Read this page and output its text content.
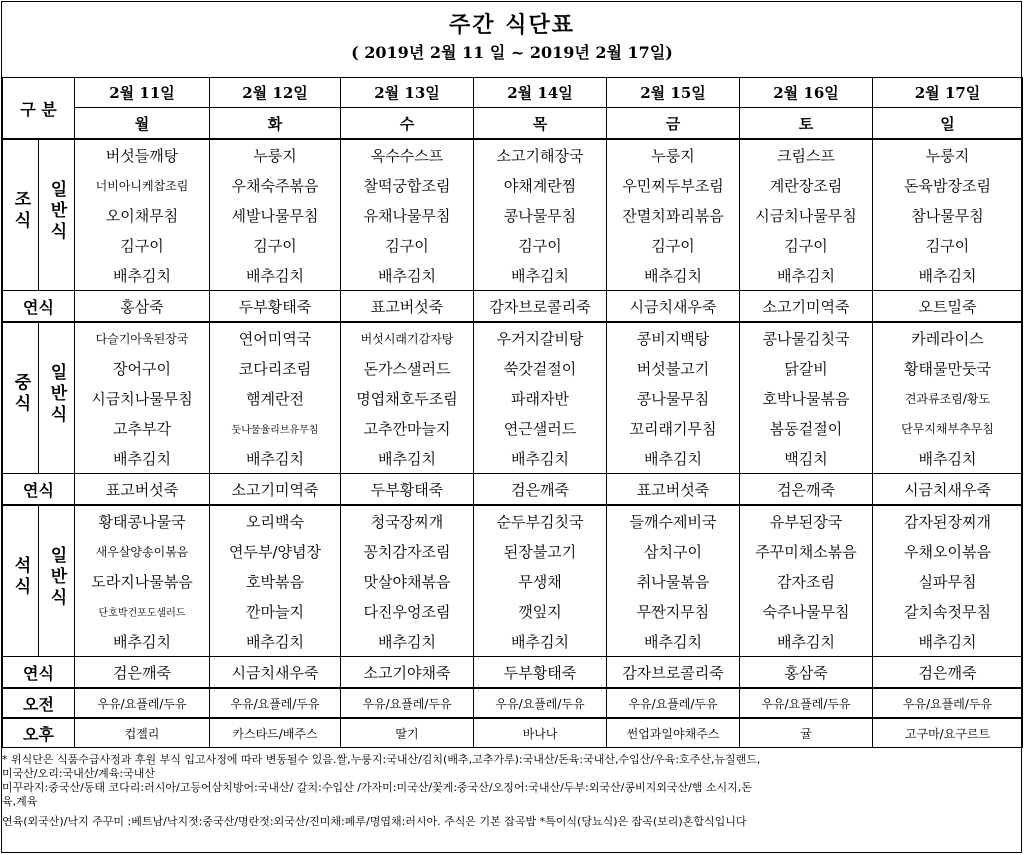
주간 식단표
( 2019년 2월 11 일 ~ 2019년 2월 17일)
구 분		2월 11일	2월 12일	2월 13일	2월 14일	2월 15일	2월 16일	2월 17일
		월	화	수	목	금	토	일
조식	일반식	버섯들깨탕	누룽지	옥수수스프	소고기해장국	누룽지	크림스프	누룽지
		너비아니케찹조림	우채숙주볶음	찰떡궁합조림	야채계란찜	우민찌두부조림	계란장조림	돈육밤장조림
		오이채무침	세발나물무침	유채나물무침	콩나물무침	잔멸치꽈리볶음	시금치나물무침	참나물무침
		김구이	김구이	김구이	김구이	김구이	김구이	김구이
		배추김치	배추김치	배추김치	배추김치	배추김치	배추김치	배추김치
연식		홍삼죽	두부황태죽	표고버섯죽	감자브로콜리죽	시금치새우죽	소고기미역죽	오트밀죽
중식	일반식	다슬기아욱된장국	연어미역국	버섯시래기감자탕	우거지갈비탕	콩비지백탕	콩나물김칫국	카레라이스
		장어구이	코다리조림	돈가스샐러드	쑥갓겉절이	버섯불고기	닭갈비	황태물만둣국
		시금치나물무침	햄계란전	명엽채호두조림	파래자반	콩나물무침	호박나물볶음	견과류조림/황도
		고추부각	둣나물율리브유무침	고추깐마늘지	연근샐러드	꼬리래기무침	봄동겉절이	단무지채부추무침
		배추김치	배추김치	배추김치	배추김치	배추김치	백김치	배추김치
연식		표고버섯죽	소고기미역죽	두부황태죽	검은깨죽	표고버섯죽	검은깨죽	시금치새우죽
석식	일반식	황태콩나물국	오리백숙	청국장찌개	순두부김칫국	들깨수제비국	유부된장국	감자된장찌개
		새우살양송이볶음	연두부/양념장	꽁치감자조림	된장불고기	삼치구이	주꾸미채소볶음	우채오이볶음
		도라지나물볶음	호박볶음	맛살야채볶음	무생채	취나물볶음	감자조림	실파무침
		단호박건포도샐러드	깐마늘지	다진우엉조림	깻잎지	무짠지무침	숙주나물무침	갈치속젓무침
		배추김치	배추김치	배추김치	배추김치	배추김치	배추김치	배추김치
연식		검은깨죽	시금치새우죽	소고기야채죽	두부황태죽	감자브로콜리죽	홍삼죽	검은깨죽
오전		우유/요플레/두유	우유/요플레/두유	우유/요플레/두유	우유/요플레/두유	우유/요플레/두유	우유/요플레/두유	우유/요플레/두유
오후		컵젤리	카스타드/배주스	딸기	바나나	썬업과일야채주스	귤	고구마/요구르트
* 위식단은 식품수급사정과 후원 부식 입고사정에 따라 변동될수 있음.쌀,누룽지:국내산/김치(배추,고추가루):국내산/돈육:국내산,수입산/우육:호주산,뉴질랜드,
미국산/오리:국내산/계육:국내산
미꾸라지:중국산/동태 코다리:러시아/고등어삼치방어:국내산/ 갈치:수입산 /가자미:미국산/꽃게:중국산/오징어:국내산/두부:외국산/콩비지외국산/햄 소시지,돈
육,계육
연육(외국산)/낙지 주꾸미 :베트남/낙지젓:중국산/명란젓:외국산/진미채:페루/명엽채:러시아. 주식은 기본 잡곡밥 *특이식(당뇨식)은 잡곡(보리)혼합식입니다
